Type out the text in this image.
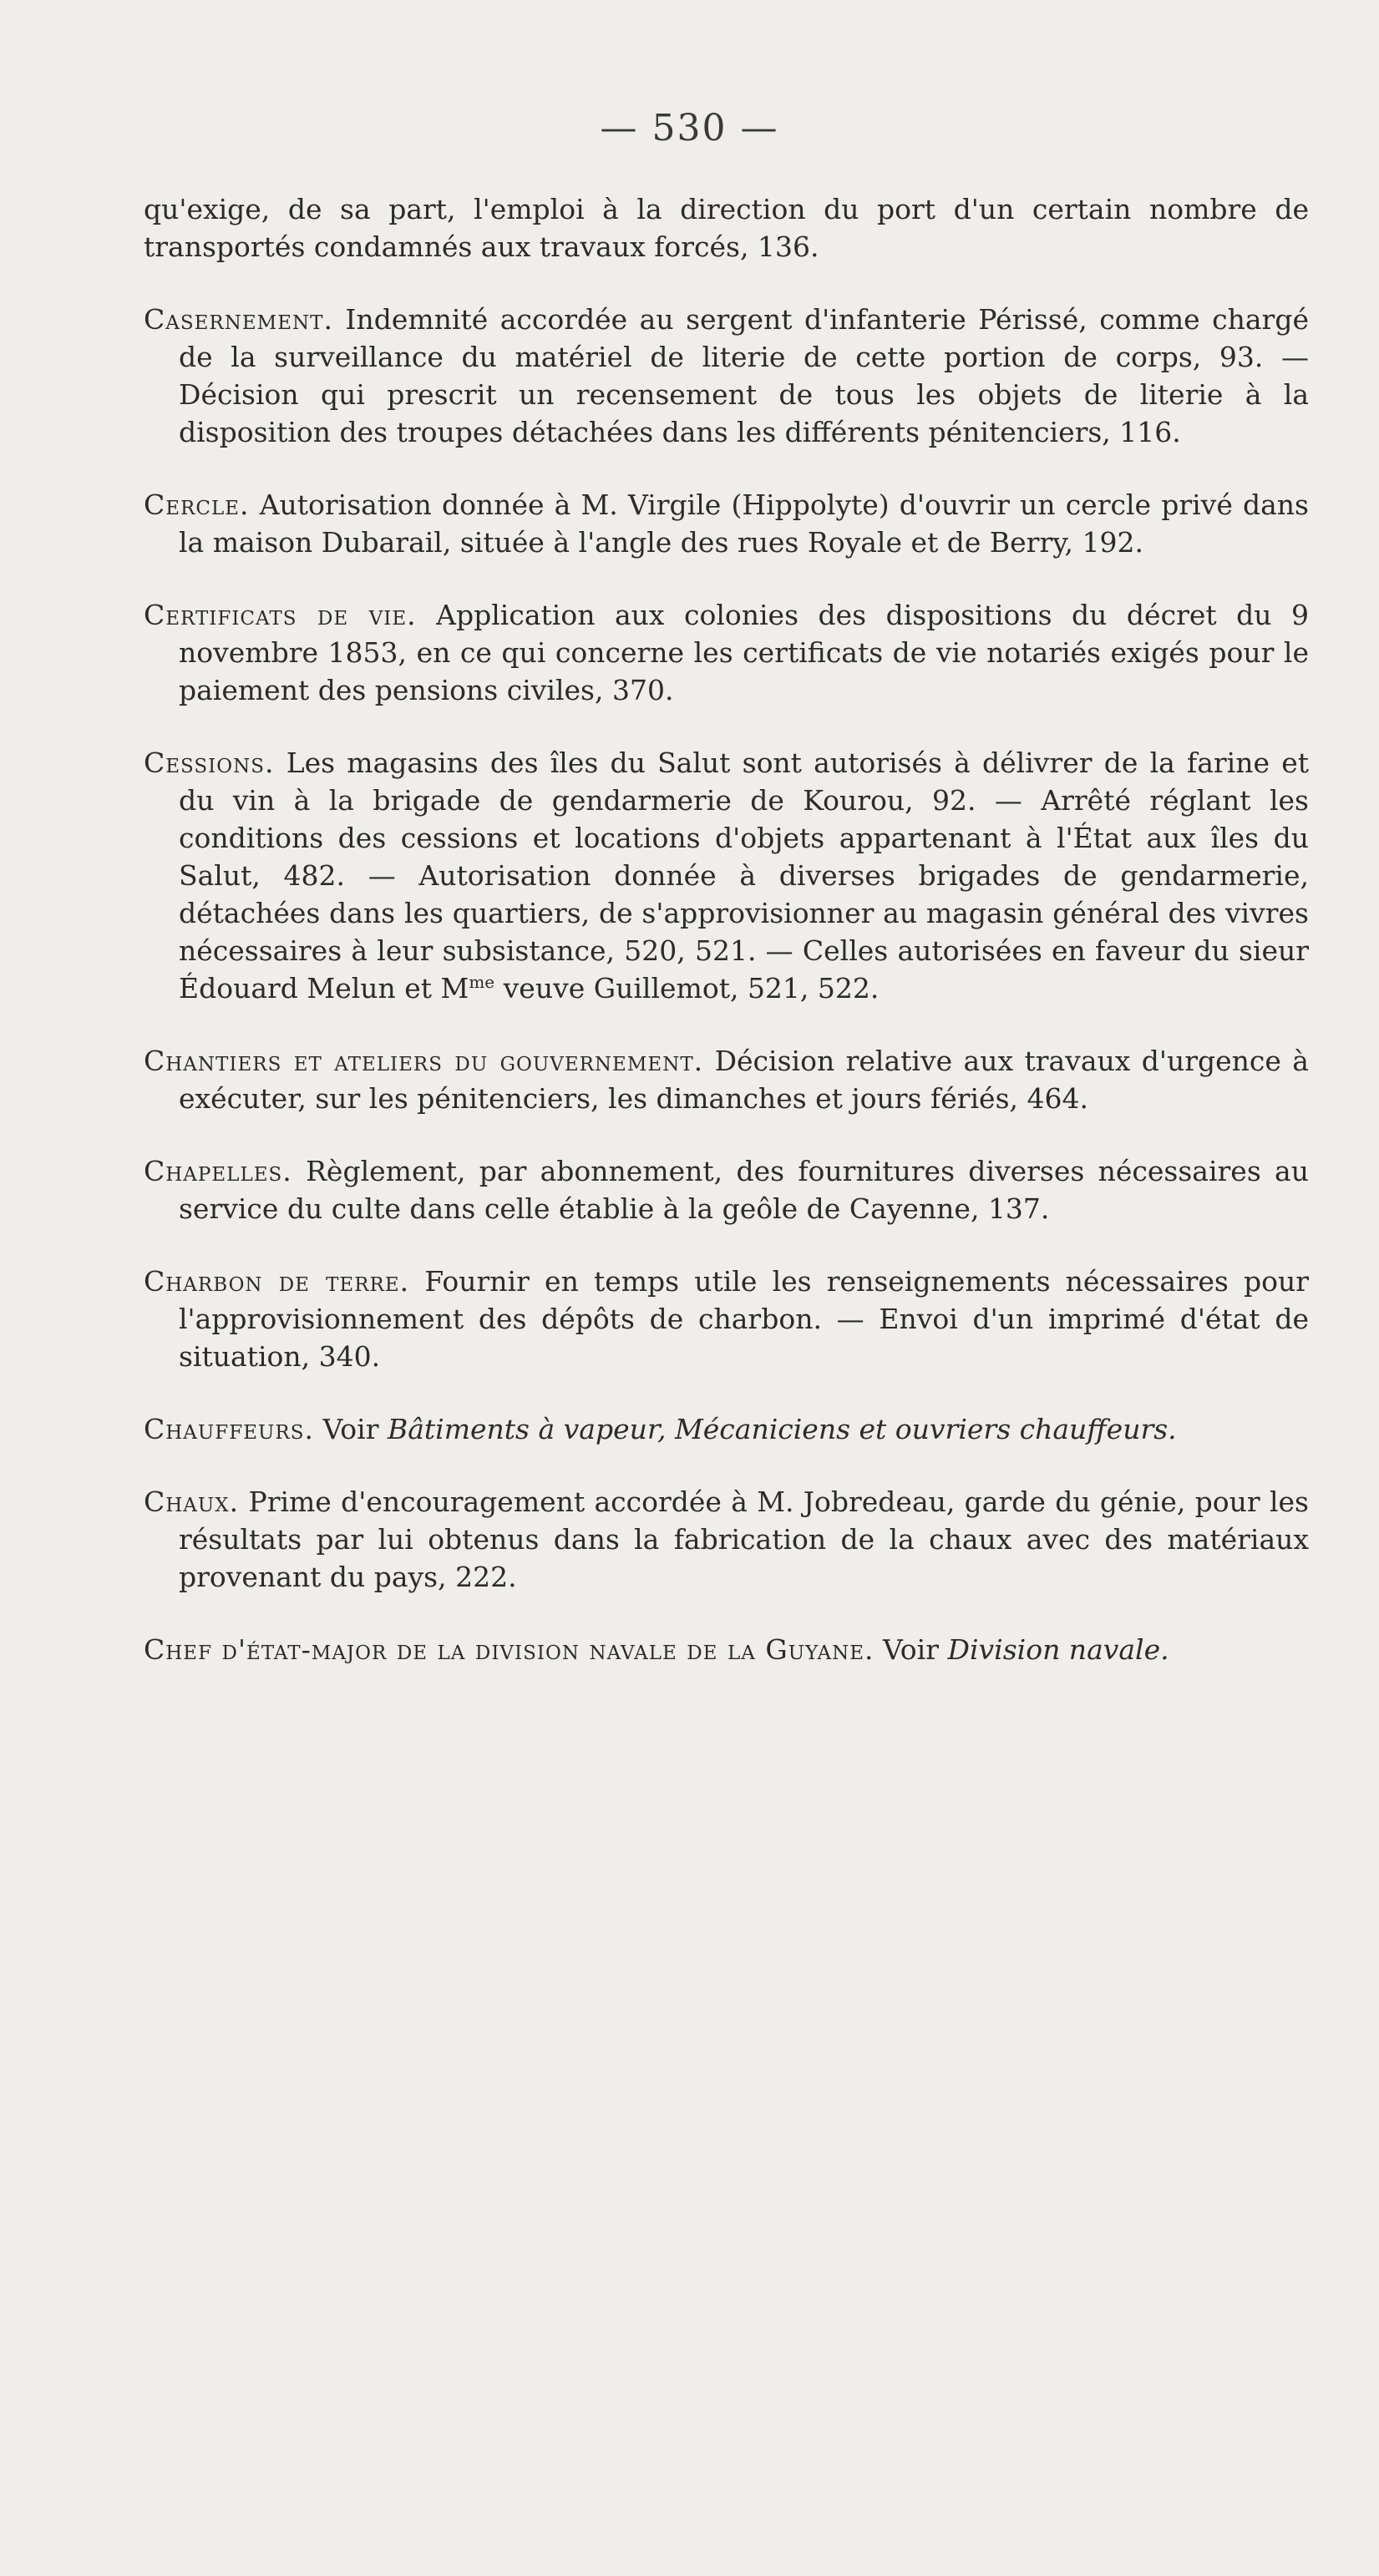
— 530 —

qu'exige, de sa part, l'emploi à la direction du port d'un certain nombre de transportés condamnés aux travaux forcés, 136.

Casernement. Indemnité accordée au sergent d'infanterie Périssé, comme chargé de la surveillance du matériel de literie de cette portion de corps, 93. — Décision qui prescrit un recensement de tous les objets de literie à la disposition des troupes détachées dans les différents pénitenciers, 116.

Cercle. Autorisation donnée à M. Virgile (Hippolyte) d'ouvrir un cercle privé dans la maison Dubarail, située à l'angle des rues Royale et de Berry, 192.

Certificats de vie. Application aux colonies des dispositions du décret du 9 novembre 1853, en ce qui concerne les certificats de vie notariés exigés pour le paiement des pensions civiles, 370.

Cessions. Les magasins des îles du Salut sont autorisés à délivrer de la farine et du vin à la brigade de gendarmerie de Kourou, 92. — Arrêté réglant les conditions des cessions et locations d'objets appartenant à l'État aux îles du Salut, 482. — Autorisation donnée à diverses brigades de gendarmerie, détachées dans les quartiers, de s'approvisionner au magasin général des vivres nécessaires à leur subsistance, 520, 521. — Celles autorisées en faveur du sieur Édouard Melun et $M^{me}$ veuve Guillemot, 521, 522.

Chantiers et ateliers du gouvernement. Décision relative aux travaux d'urgence à exécuter, sur les pénitenciers, les dimanches et jours fériés, 464.

Chapelles. Règlement, par abonnement, des fournitures diverses nécessaires au service du culte dans celle établie à la geôle de Cayenne, 137.

Charbon de terre. Fournir en temps utile les renseignements nécessaires pour l'approvisionnement des dépôts de charbon. — Envoi d'un imprimé d'état de situation, 340.

Chauffeurs. Voir Bâtiments à vapeur, Mécaniciens et ouvriers chauffeurs.

Chaux. Prime d'encouragement accordée à M. Jobredeau, garde du génie, pour les résultats par lui obtenus dans la fabrication de la chaux avec des matériaux provenant du pays, 222.

Chef d'état-major de la division navale de la Guyane. Voir Division navale.
